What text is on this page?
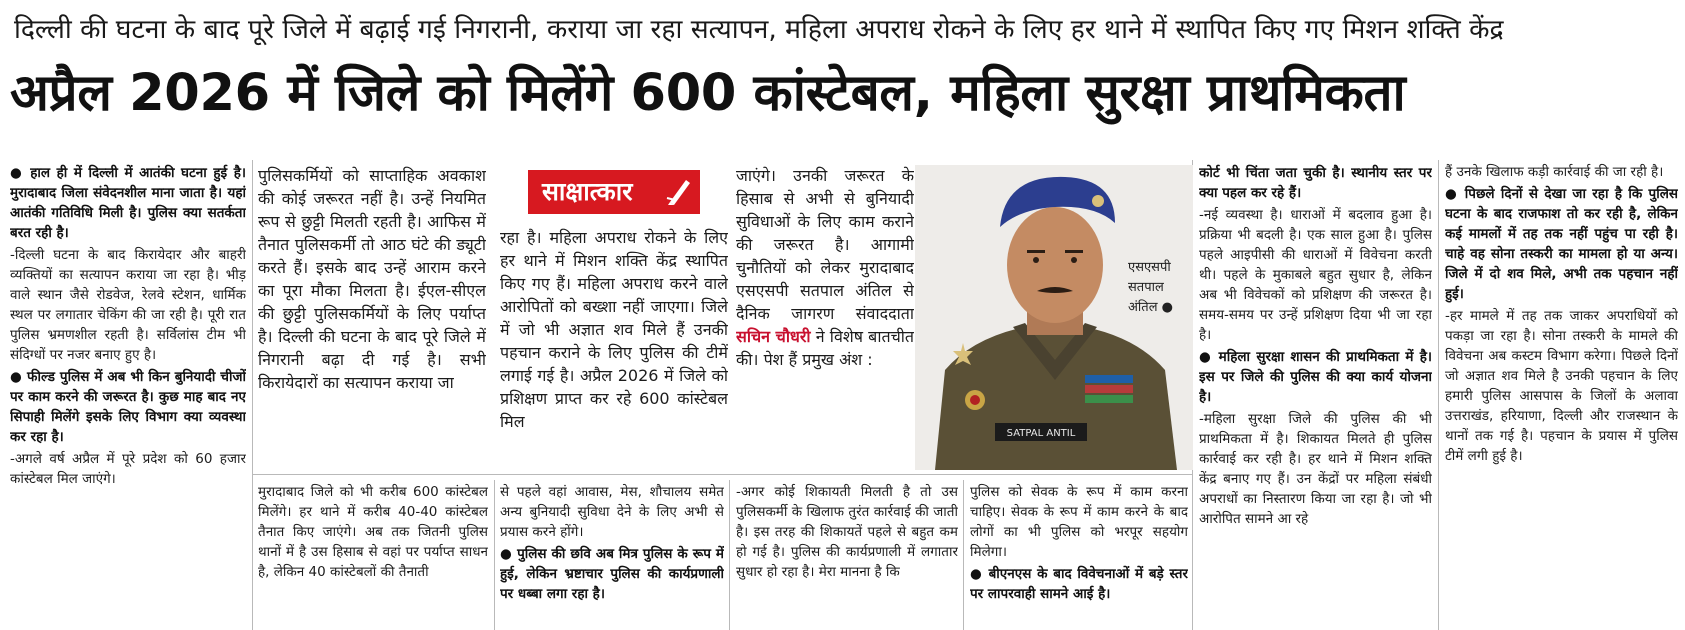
दिल्ली की घटना के बाद पूरे जिले में बढ़ाई गई निगरानी, कराया जा रहा सत्यापन, महिला अपराध रोकने के लिए हर थाने में स्थापित किए गए मिशन शक्ति केंद्र
अप्रैल 2026 में जिले को मिलेंगे 600 कांस्टेबल, महिला सुरक्षा प्राथमिकता

● हाल ही में दिल्ली में आतंकी घटना हुई है। मुरादाबाद जिला संवेदनशील माना जाता है। यहां आतंकी गतिविधि मिली है। पुलिस क्या सतर्कता बरत रही है।

-दिल्ली घटना के बाद किरायेदार और बाहरी व्यक्तियों का सत्यापन कराया जा रहा है। भीड़ वाले स्थान जैसे रोडवेज, रेलवे स्टेशन, धार्मिक स्थल पर लगातार चेकिंग की जा रही है। पूरी रात पुलिस भ्रमणशील रहती है। सर्विलांस टीम भी संदिग्धों पर नजर बनाए हुए है।

● फील्ड पुलिस में अब भी किन बुनियादी चीजों पर काम करने की जरूरत है। कुछ माह बाद नए सिपाही मिलेंगे इसके लिए विभाग क्या व्यवस्था कर रहा है।

-अगले वर्ष अप्रैल में पूरे प्रदेश को 60 हजार कांस्टेबल मिल जाएंगे।

पुलिसकर्मियों को साप्ताहिक अवकाश की कोई जरूरत नहीं है। उन्हें नियमित रूप से छुट्टी मिलती रहती है। आफिस में तैनात पुलिसकर्मी तो आठ घंटे की ड्यूटी करते हैं। इसके बाद उन्हें आराम करने का पूरा मौका मिलता है। ईएल-सीएल की छुट्टी पुलिसकर्मियों के लिए पर्याप्त है। दिल्ली की घटना के बाद पूरे जिले में निगरानी बढ़ा दी गई है। सभी किरायेदारों का सत्यापन कराया जा

साक्षात्कार

रहा है। महिला अपराध रोकने के लिए हर थाने में मिशन शक्ति केंद्र स्थापित किए गए हैं। महिला अपराध करने वाले आरोपितों को बख्शा नहीं जाएगा। जिले में जो भी अज्ञात शव मिले हैं उनकी पहचान कराने के लिए पुलिस की टीमें लगाई गई है। अप्रैल 2026 में जिले को प्रशिक्षण प्राप्त कर रहे 600 कांस्टेबल मिल

जाएंगे। उनकी जरूरत के हिसाब से अभी से बुनियादी सुविधाओं के लिए काम कराने की जरूरत है। आगामी चुनौतियों को लेकर मुरादाबाद एसएसपी सतपाल अंतिल से दैनिक जागरण संवाददाता सचिन चौधरी ने विशेष बातचीत की। पेश हैं प्रमुख अंश :

SATPAL ANTIL
एसएसपी सतपाल अंतिल ●

मुरादाबाद जिले को भी करीब 600 कांस्टेबल मिलेंगे। हर थाने में करीब 40-40 कांस्टेबल तैनात किए जाएंगे। अब तक जितनी पुलिस थानों में है उस हिसाब से वहां पर पर्याप्त साधन है, लेकिन 40 कांस्टेबलों की तैनाती

से पहले वहां आवास, मेस, शौचालय समेत अन्य बुनियादी सुविधा देने के लिए अभी से प्रयास करने होंगे।

● पुलिस की छवि अब मित्र पुलिस के रूप में हुई, लेकिन भ्रष्टाचार पुलिस की कार्यप्रणाली पर धब्बा लगा रहा है।

-अगर कोई शिकायती मिलती है तो उस पुलिसकर्मी के खिलाफ तुरंत कार्रवाई की जाती है। इस तरह की शिकायतें पहले से बहुत कम हो गई है। पुलिस की कार्यप्रणाली में लगातार सुधार हो रहा है। मेरा मानना है कि

पुलिस को सेवक के रूप में काम करना चाहिए। सेवक के रूप में काम करने के बाद लोगों का भी पुलिस को भरपूर सहयोग मिलेगा।

● बीएनएस के बाद विवेचनाओं में बड़े स्तर पर लापरवाही सामने आई है।

कोर्ट भी चिंता जता चुकी है। स्थानीय स्तर पर क्या पहल कर रहे हैं।

-नई व्यवस्था है। धाराओं में बदलाव हुआ है। प्रक्रिया भी बदली है। एक साल हुआ है। पुलिस पहले आइपीसी की धाराओं में विवेचना करती थी। पहले के मुकाबले बहुत सुधार है, लेकिन अब भी विवेचकों को प्रशिक्षण की जरूरत है। समय-समय पर उन्हें प्रशिक्षण दिया भी जा रहा है।

● महिला सुरक्षा शासन की प्राथमिकता में है। इस पर जिले की पुलिस की क्या कार्य योजना है।

-महिला सुरक्षा जिले की पुलिस की भी प्राथमिकता में है। शिकायत मिलते ही पुलिस कार्रवाई कर रही है। हर थाने में मिशन शक्ति केंद्र बनाए गए हैं। उन केंद्रों पर महिला संबंधी अपराधों का निस्तारण किया जा रहा है। जो भी आरोपित सामने आ रहे

हैं उनके खिलाफ कड़ी कार्रवाई की जा रही है।

● पिछले दिनों से देखा जा रहा है कि पुलिस घटना के बाद राजफाश तो कर रही है, लेकिन कई मामलों में तह तक नहीं पहुंच पा रही है। चाहे वह सोना तस्करी का मामला हो या अन्य। जिले में दो शव मिले, अभी तक पहचान नहीं हुई।

-हर मामले में तह तक जाकर अपराधियों को पकड़ा जा रहा है। सोना तस्करी के मामले की विवेचना अब कस्टम विभाग करेगा। पिछले दिनों जो अज्ञात शव मिले है उनकी पहचान के लिए हमारी पुलिस आसपास के जिलों के अलावा उत्तराखंड, हरियाणा, दिल्ली और राजस्थान के थानों तक गई है। पहचान के प्रयास में पुलिस टीमें लगी हुई है।
